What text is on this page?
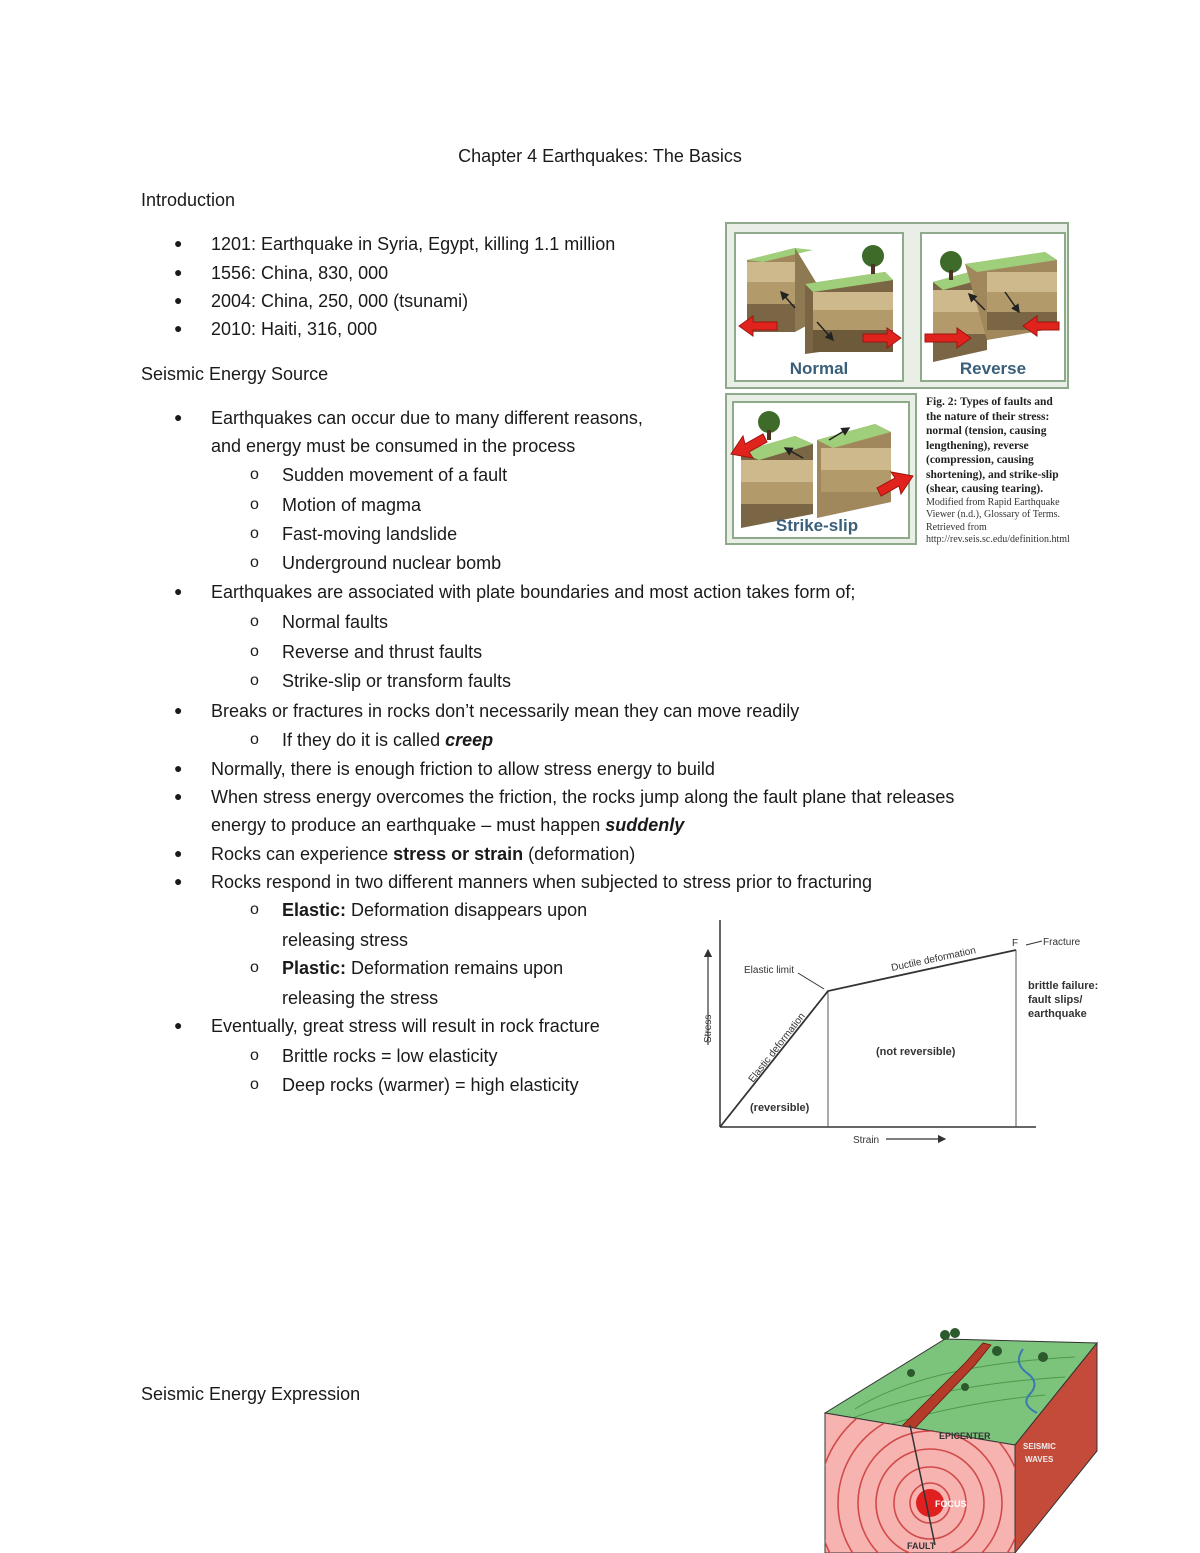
Chapter 4 Earthquakes: The Basics
Introduction
● 1201: Earthquake in Syria, Egypt, killing 1.1 million
● 1556: China, 830, 000
● 2004: China, 250, 000 (tsunami)
● 2010: Haiti, 316, 000
Seismic Energy Source
● Earthquakes can occur due to many different reasons,
and energy must be consumed in the process
o Sudden movement of a fault
o Motion of magma
o Fast-moving landslide
o Underground nuclear bomb
● Earthquakes are associated with plate boundaries and most action takes form of;
o Normal faults
o Reverse and thrust faults
o Strike-slip or transform faults
● Breaks or fractures in rocks don’t necessarily mean they can move readily
o If they do it is called creep
● Normally, there is enough friction to allow stress energy to build
● When stress energy overcomes the friction, the rocks jump along the fault plane that releases
energy to produce an earthquake – must happen suddenly
● Rocks can experience stress or strain (deformation)
● Rocks respond in two different manners when subjected to stress prior to fracturing
o Elastic: Deformation disappears upon
releasing stress
o Plastic: Deformation remains upon
releasing the stress
● Eventually, great stress will result in rock fracture
o Brittle rocks = low elasticity
o Deep rocks (warmer) = high elasticity
Seismic Energy Expression
Normal	Reverse
Strike-slip
Fig. 2: Types of faults and
the nature of their stress:
normal (tension, causing
lengthening), reverse
(compression, causing
shortening), and strike-slip
(shear, causing tearing).
Modified from Rapid Earthquake
Viewer (n.d.), Glossary of Terms.
Retrieved from
http://rev.seis.sc.edu/definition.html
Stress
Strain
Elastic limit
Elastic deformation
Ductile deformation
F Fracture
brittle failure:
fault slips/
earthquake
(reversible)
(not reversible)
EPICENTER
SEISMIC
WAVES
FOCUS
FAULT
